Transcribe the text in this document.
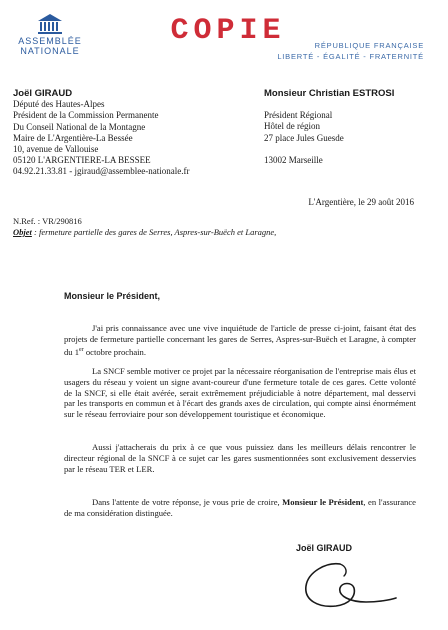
ASSEMBLÉE
NATIONALE
COPIE	RÉPUBLIQUE FRANÇAISE
LIBERTÉ - ÉGALITÉ - FRATERNITÉ
Joël GIRAUD
Député des Hautes-Alpes
Président de la Commission Permanente
Du Conseil National de la Montagne
Maire de L'Argentière-La Bessée
10, avenue de Vallouise
05120 L'ARGENTIERE-LA BESSEE
04.92.21.33.81 - jgiraud@assemblee-nationale.fr
Monsieur Christian ESTROSI
Président Régional
Hôtel de région
27 place Jules Guesde
13002 Marseille
L'Argentière, le 29 août 2016
N.Ref. : VR/290816
Objet : fermeture partielle des gares de Serres, Aspres-sur-Buëch et Laragne,
Monsieur le Président,

J'ai pris connaissance avec une vive inquiétude de l'article de presse ci-joint, faisant état des projets de fermeture partielle concernant les gares de Serres, Aspres-sur-Buëch et Laragne, à compter du 1er octobre prochain.

La SNCF semble motiver ce projet par la nécessaire réorganisation de l'entreprise mais élus et usagers du réseau y voient un signe avant-coureur d'une fermeture totale de ces gares. Cette volonté de la SNCF, si elle était avérée, serait extrêmement préjudiciable à notre département, mal desservi par les transports en commun et à l'écart des grands axes de circulation, qui compte ainsi énormément sur le réseau ferroviaire pour son développement touristique et économique.

Aussi j'attacherais du prix à ce que vous puissiez dans les meilleurs délais rencontrer le directeur régional de la SNCF à ce sujet car les gares susmentionnées sont exclusivement desservies par le réseau TER et LER.

Dans l'attente de votre réponse, je vous prie de croire, Monsieur le Président, en l'assurance de ma considération distinguée.

Joël GIRAUD
